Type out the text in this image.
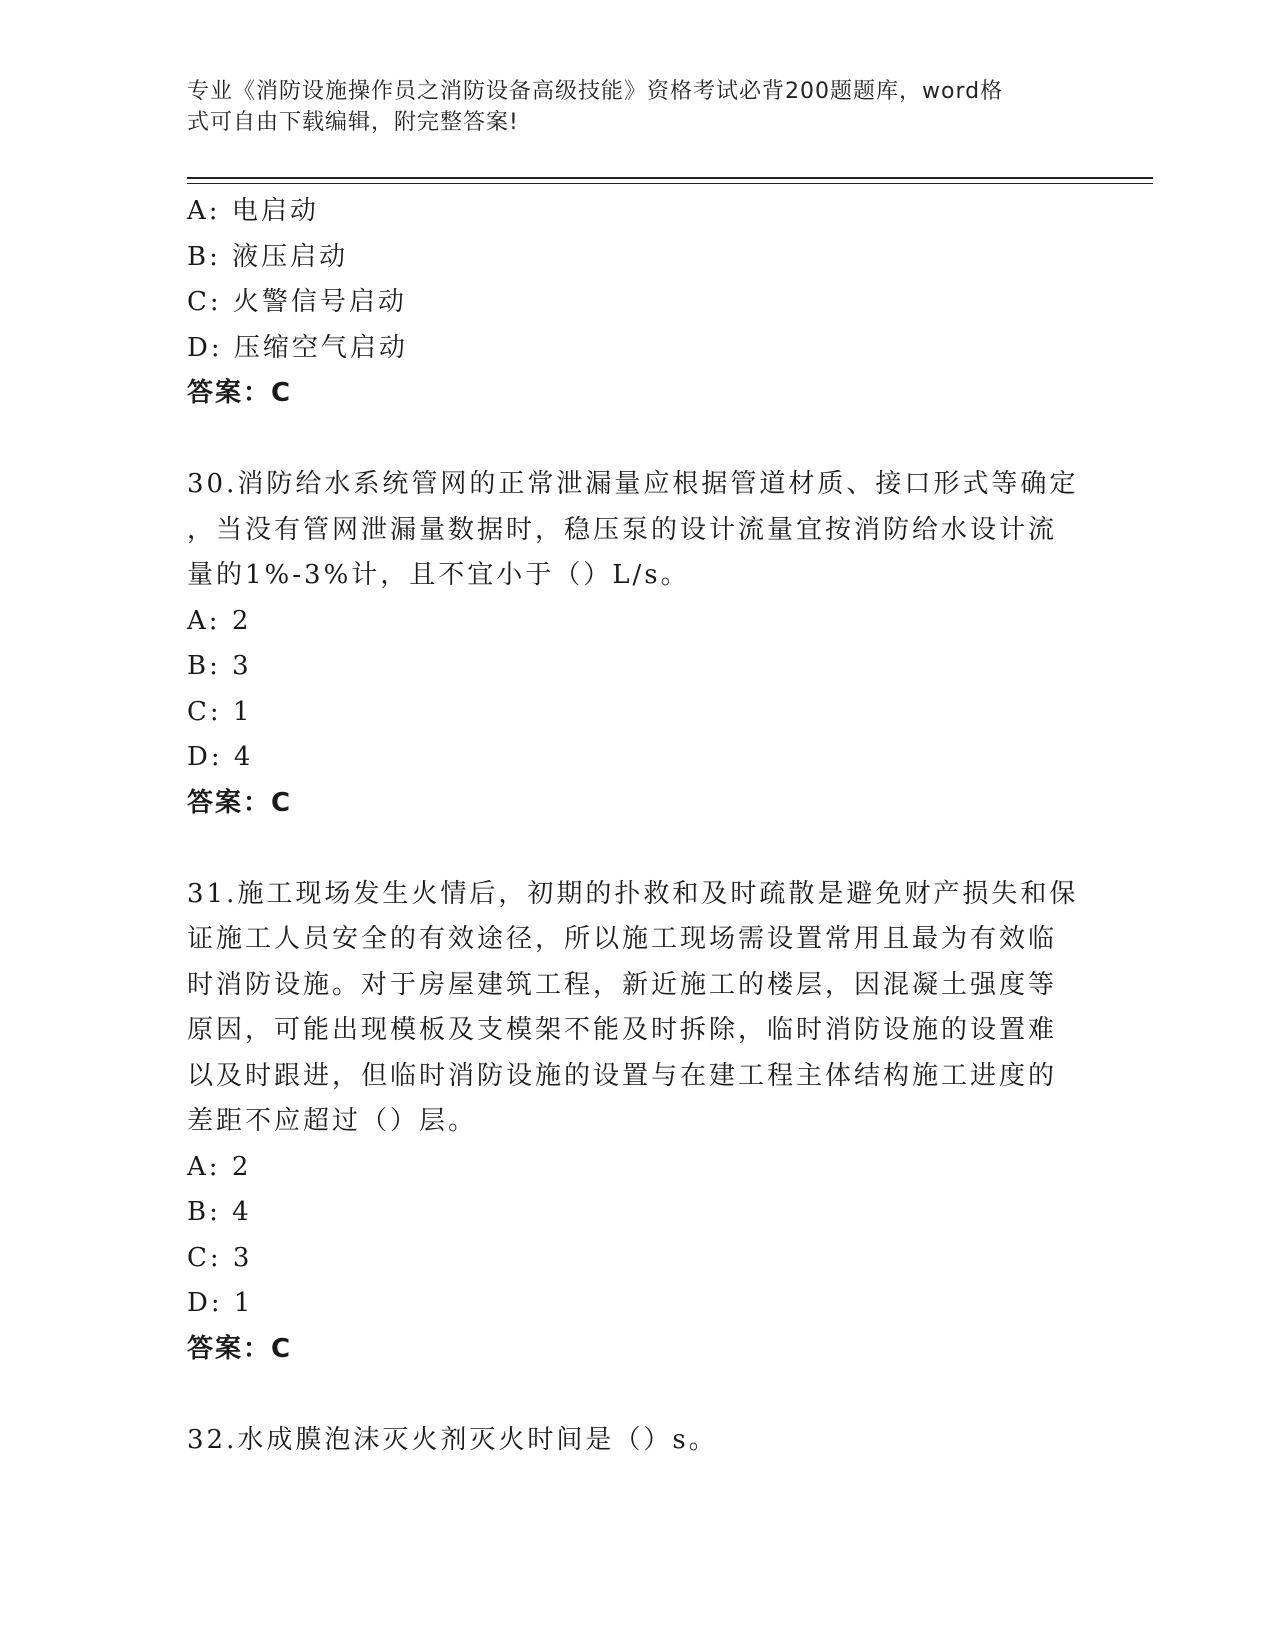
专业《消防设施操作员之消防设备高级技能》资格考试必背200题题库，word格
式可自由下载编辑，附完整答案!
A: 电启动
B: 液压启动
C: 火警信号启动
D: 压缩空气启动
答案：C
30.消防给水系统管网的正常泄漏量应根据管道材质、接口形式等确定
，当没有管网泄漏量数据时，稳压泵的设计流量宜按消防给水设计流
量的1%-3%计，且不宜小于（）L/s。
A: 2
B: 3
C: 1
D: 4
答案：C
31.施工现场发生火情后，初期的扑救和及时疏散是避免财产损失和保
证施工人员安全的有效途径，所以施工现场需设置常用且最为有效临
时消防设施。对于房屋建筑工程，新近施工的楼层，因混凝土强度等
原因，可能出现模板及支模架不能及时拆除，临时消防设施的设置难
以及时跟进，但临时消防设施的设置与在建工程主体结构施工进度的
差距不应超过（）层。
A: 2
B: 4
C: 3
D: 1
答案：C
32.水成膜泡沫灭火剂灭火时间是（）s。
